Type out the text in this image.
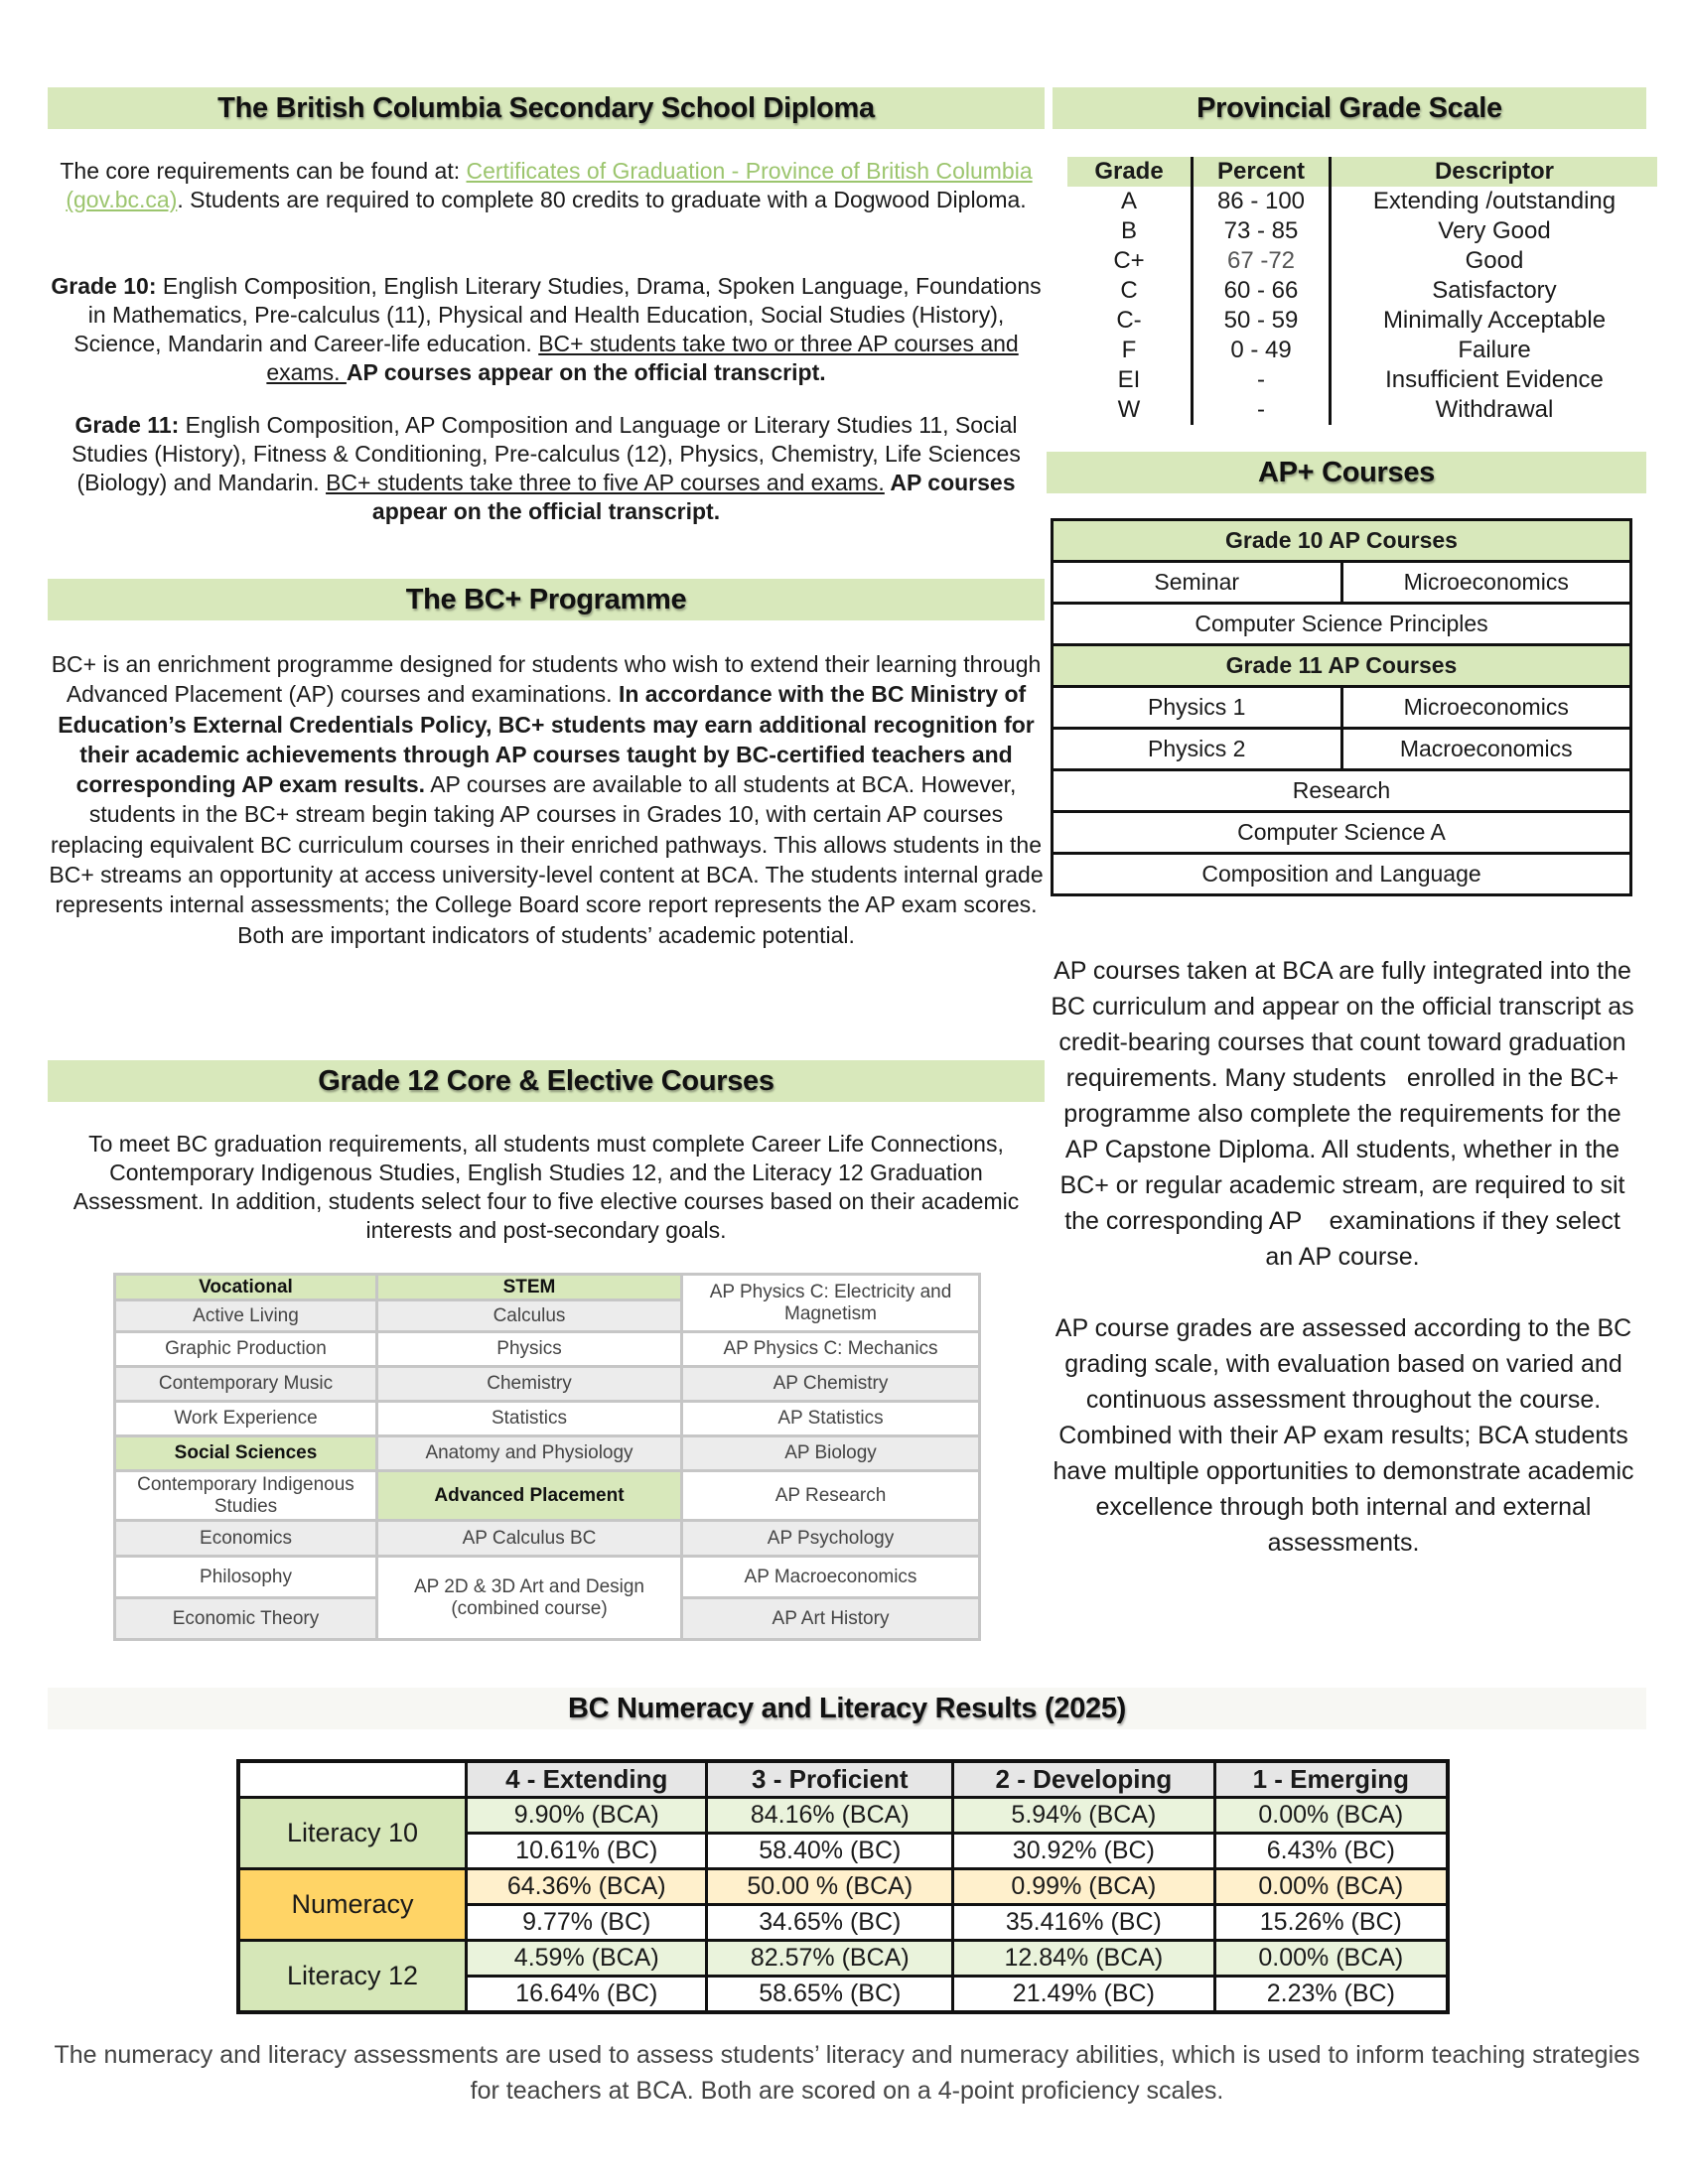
The British Columbia Secondary School Diploma
The core requirements can be found at: Certificates of Graduation - Province of British Columbia (gov.bc.ca). Students are required to complete 80 credits to graduate with a Dogwood Diploma.
Grade 10: English Composition, English Literary Studies, Drama, Spoken Language, Foundations in Mathematics, Pre-calculus (11), Physical and Health Education, Social Studies (History), Science, Mandarin and Career-life education. BC+ students take two or three AP courses and exams. AP courses appear on the official transcript.
Grade 11: English Composition, AP Composition and Language or Literary Studies 11, Social Studies (History), Fitness & Conditioning, Pre-calculus (12), Physics, Chemistry, Life Sciences (Biology) and Mandarin. BC+ students take three to five AP courses and exams. AP courses appear on the official transcript.
Provincial Grade Scale
Grade	Percent	Descriptor
A	86 - 100	Extending /outstanding
B	73 - 85	Very Good
C+	67 -72	Good
C	60 - 66	Satisfactory
C-	50 - 59	Minimally Acceptable
F	0 - 49	Failure
EI	-	Insufficient Evidence
W	-	Withdrawal
AP+ Courses
Grade 10 AP Courses	
Seminar	Microeconomics
Computer Science Principles	
Grade 11 AP Courses	
Physics 1	Microeconomics
Physics 2	Macroeconomics
Research	
Computer Science A	
Composition and Language	
AP courses taken at BCA are fully integrated into the BC curriculum and appear on the official transcript as credit-bearing courses that count toward graduation requirements. Many students   enrolled in the BC+ programme also complete the requirements for the AP Capstone Diploma. All students, whether in the BC+ or regular academic stream, are required to sit the corresponding AP    examinations if they select an AP course.
AP course grades are assessed according to the BC grading scale, with evaluation based on varied and continuous assessment throughout the course. Combined with their AP exam results; BCA students have multiple opportunities to demonstrate academic excellence through both internal and external assessments.
The BC+ Programme
BC+ is an enrichment programme designed for students who wish to extend their learning through Advanced Placement (AP) courses and examinations. In accordance with the BC Ministry of Education’s External Credentials Policy, BC+ students may earn additional recognition for their academic achievements through AP courses taught by BC-certified teachers and corresponding AP exam results. AP courses are available to all students at BCA. However, students in the BC+ stream begin taking AP courses in Grades 10, with certain AP courses replacing equivalent BC curriculum courses in their enriched pathways. This allows students in the BC+ streams an opportunity at access university-level content at BCA. The students internal grade represents internal assessments; the College Board score report represents the AP exam scores. Both are important indicators of students’ academic potential.
Grade 12 Core & Elective Courses
To meet BC graduation requirements, all students must complete Career Life Connections, Contemporary Indigenous Studies, English Studies 12, and the Literacy 12 Graduation Assessment. In addition, students select four to five elective courses based on their academic interests and post-secondary goals.
Vocational	STEM	AP Physics C: Electricity and Magnetism
Active Living	Calculus	
Graphic Production	Physics	AP Physics C: Mechanics
Contemporary Music	Chemistry	AP Chemistry
Work Experience	Statistics	AP Statistics
Social Sciences	Anatomy and Physiology	AP Biology
Contemporary Indigenous Studies	Advanced Placement	AP Research
Economics	AP Calculus BC	AP Psychology
Philosophy	AP 2D & 3D Art and Design (combined course)	AP Macroeconomics
Economic Theory		AP Art History
BC Numeracy and Literacy Results (2025)
	4 - Extending	3 - Proficient	2 - Developing	1 - Emerging
Literacy 10	9.90% (BCA)	84.16% (BCA)	5.94% (BCA)	0.00% (BCA)
	10.61% (BC)	58.40% (BC)	30.92% (BC)	6.43% (BC)
Numeracy	64.36% (BCA)	50.00 % (BCA)	0.99% (BCA)	0.00% (BCA)
	9.77% (BC)	34.65% (BC)	35.416% (BC)	15.26% (BC)
Literacy 12	4.59% (BCA)	82.57% (BCA)	12.84% (BCA)	0.00% (BCA)
	16.64% (BC)	58.65% (BC)	21.49% (BC)	2.23% (BC)
The numeracy and literacy assessments are used to assess students’ literacy and numeracy abilities, which is used to inform teaching strategies for teachers at BCA. Both are scored on a 4-point proficiency scales.
